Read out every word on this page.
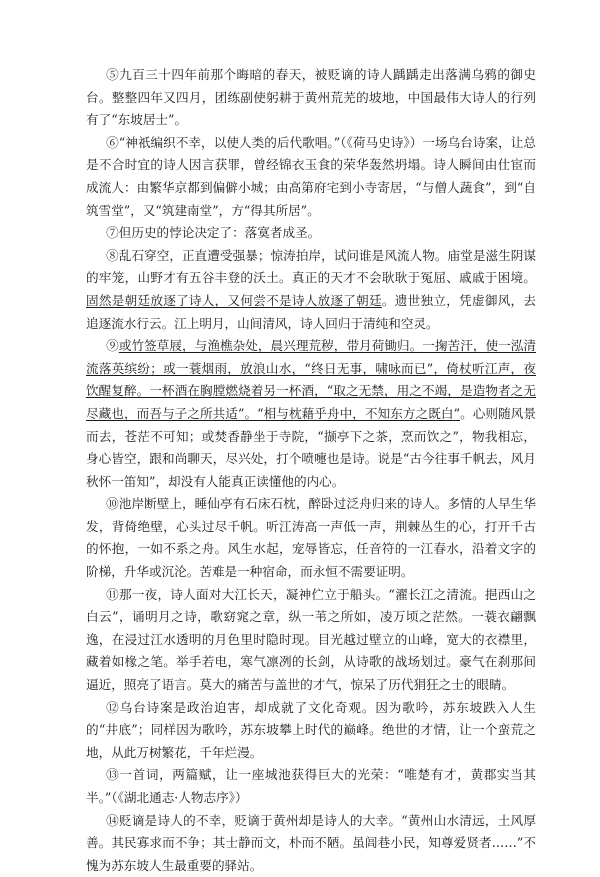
⑤九百三十四年前那个晦暗的春天，被贬谪的诗人踽踽走出落满乌鸦的御史台。整整四年又四月，团练副使躬耕于黄州荒芜的坡地，中国最伟大诗人的行列有了“东坡居士”。

⑥“神祇编织不幸，以使人类的后代歌唱。”（《荷马史诗》）一场乌台诗案，让总是不合时宜的诗人因言获罪，曾经锦衣玉食的荣华轰然坍塌。诗人瞬间由仕宦而成流人：由繁华京都到偏僻小城；由高第府宅到小寺寄居，“与僧人蔬食”，到“自筑雪堂”，又“筑建南堂”，方“得其所居”。

⑦但历史的悖论决定了：落寞者成圣。

⑧乱石穿空，正直遭受强暴；惊涛拍岸，试问谁是风流人物。庙堂是滋生阴谋的牢笼，山野才有五谷丰登的沃土。真正的天才不会耿耿于冤屈、戚戚于困境。固然是朝廷放逐了诗人，又何尝不是诗人放逐了朝廷。遗世独立，凭虚御风，去追逐流水行云。江上明月，山间清风，诗人回归于清纯和空灵。

⑨或竹签草屐，与渔樵杂处，晨兴理荒秽，带月荷锄归。一掬苦汗，使一泓清流落英缤纷；或一蓑烟雨，放浪山水，“终日无事，啸咏而已”，倚杖听江声，夜饮醒复醉。一杯酒在胸膛燃烧着另一杯酒，“取之无禁，用之不竭，是造物者之无尽藏也，而吾与子之所共适”。“相与枕藉乎舟中，不知东方之既白”。心则随风景而去，苍茫不可知；或焚香静坐于寺院，“撷亭下之茶，烹而饮之”，物我相忘，身心皆空，跟和尚聊天，尽兴处，打个喷嚏也是诗。说是“古今往事千帆去，风月秋怀一笛知”，却没有人能真正读懂他的内心。

⑩池岸断壁上，睡仙亭有石床石枕，醉卧过泛舟归来的诗人。多情的人早生华发，背倚绝壁，心头过尽千帆。听江涛高一声低一声，荆棘丛生的心，打开千古的怀抱，一如不系之舟。风生水起，宠辱皆忘，任音符的一江春水，沿着文字的阶梯，升华或沉沦。苦难是一种宿命，而永恒不需要证明。

⑪那一夜，诗人面对大江长天，凝神伫立于船头。“濯长江之清流。挹西山之白云”，诵明月之诗，歌窈窕之章，纵一苇之所如，凌万顷之茫然。一蓑衣翩飘逸，在浸过江水透明的月色里时隐时现。目光越过壁立的山峰，宽大的衣襟里，藏着如椽之笔。举手若电，寒气凛冽的长剑，从诗歌的战场划过。豪气在刹那间逼近，照亮了语言。莫大的痛苦与盖世的才气，惊呆了历代狷狂之士的眼睛。

⑫乌台诗案是政治迫害，却成就了文化奇观。因为歌吟，苏东坡跌入人生的“井底”；同样因为歌吟，苏东坡攀上时代的巅峰。绝世的才情，让一个蛮荒之地，从此万树繁花，千年烂漫。

⑬一首词，两篇赋，让一座城池获得巨大的光荣：“唯楚有才，黄郡实当其半。”（《湖北通志·人物志序》）

⑭贬谪是诗人的不幸，贬谪于黄州却是诗人的大幸。“黄州山水清远，土风厚善。其民寡求而不争；其士静而文，朴而不陋。虽闾巷小民，知尊爱贤者……”不愧为苏东坡人生最重要的驿站。
